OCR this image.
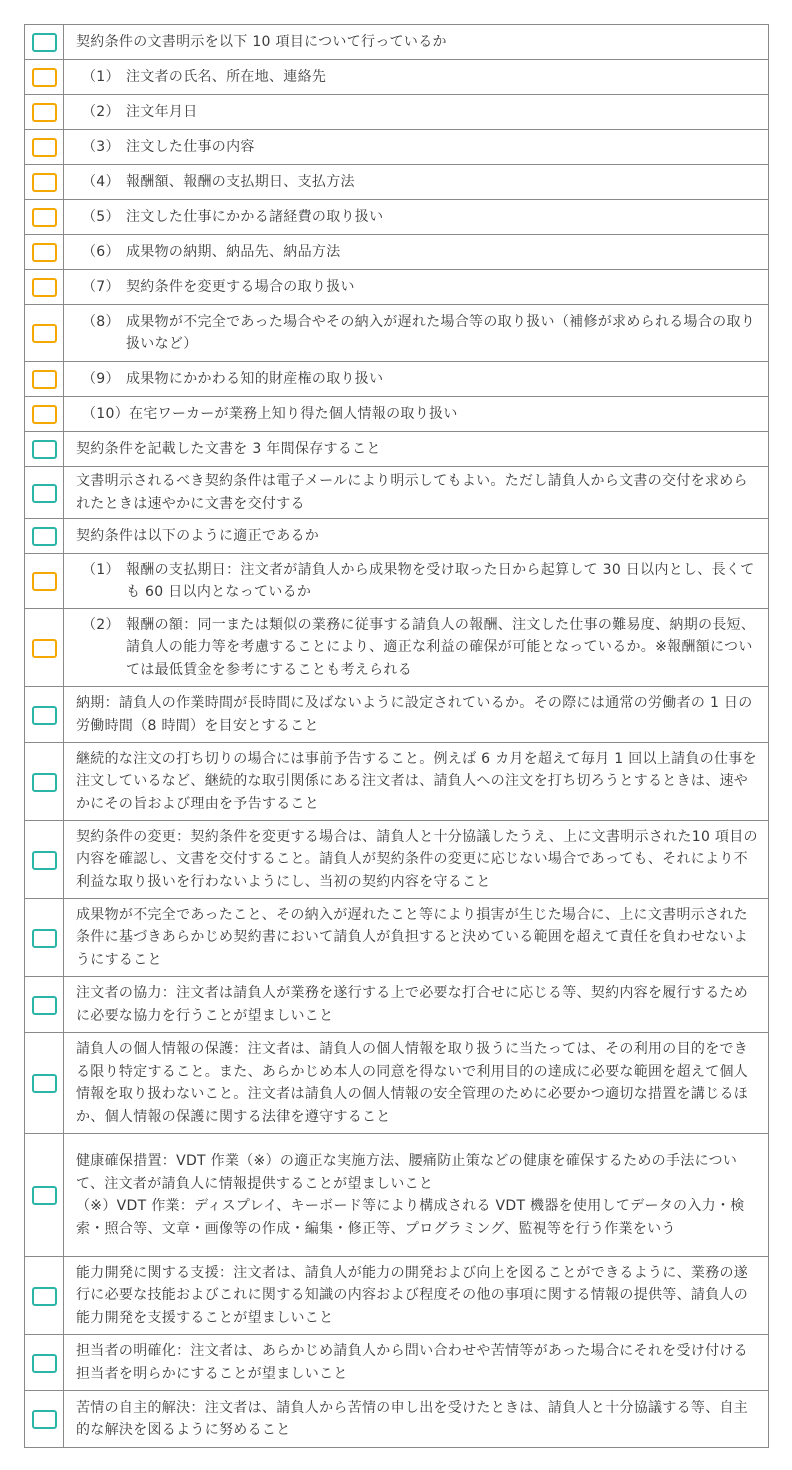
	契約条件の文書明示を以下 10 項目について行っているか

	（1） 注文者の氏名、所在地、連絡先

	（2） 注文年月日

	（3） 注文した仕事の内容

	（4） 報酬額、報酬の支払期日、支払方法

	（5） 注文した仕事にかかる諸経費の取り扱い

	（6） 成果物の納期、納品先、納品方法

	（7） 契約条件を変更する場合の取り扱い

	（8） 成果物が不完全であった場合やその納入が遅れた場合等の取り扱い（補修が求められる場合の取り扱いなど）

	（9） 成果物にかかわる知的財産権の取り扱い

	（10） 在宅ワーカーが業務上知り得た個人情報の取り扱い

	契約条件を記載した文書を 3 年間保存すること

	文書明示されるべき契約条件は電子メールにより明示してもよい。ただし請負人から文書の交付を求められたときは速やかに文書を交付する

	契約条件は以下のように適正であるか

	（1） 報酬の支払期日：注文者が請負人から成果物を受け取った日から起算して 30 日以内とし、長くても 60 日以内となっているか

	（2） 報酬の額：同一または類似の業務に従事する請負人の報酬、注文した仕事の難易度、納期の長短、請負人の能力等を考慮することにより、適正な利益の確保が可能となっているか。※報酬額については最低賃金を参考にすることも考えられる

	納期：請負人の作業時間が長時間に及ばないように設定されているか。その際には通常の労働者の 1 日の労働時間（8 時間）を目安とすること

	継続的な注文の打ち切りの場合には事前予告すること。例えば 6 カ月を超えて毎月 1 回以上請負の仕事を注文しているなど、継続的な取引関係にある注文者は、請負人への注文を打ち切ろうとするときは、速やかにその旨および理由を予告すること

	契約条件の変更：契約条件を変更する場合は、請負人と十分協議したうえ、上に文書明示された10 項目の内容を確認し、文書を交付すること。請負人が契約条件の変更に応じない場合であっても、それにより不利益な取り扱いを行わないようにし、当初の契約内容を守ること

	成果物が不完全であったこと、その納入が遅れたこと等により損害が生じた場合に、上に文書明示された条件に基づきあらかじめ契約書において請負人が負担すると決めている範囲を超えて責任を負わせないようにすること

	注文者の協力：注文者は請負人が業務を遂行する上で必要な打合せに応じる等、契約内容を履行するために必要な協力を行うことが望ましいこと

	請負人の個人情報の保護：注文者は、請負人の個人情報を取り扱うに当たっては、その利用の目的をできる限り特定すること。また、あらかじめ本人の同意を得ないで利用目的の達成に必要な範囲を超えて個人情報を取り扱わないこと。注文者は請負人の個人情報の安全管理のために必要かつ適切な措置を講じるほか、個人情報の保護に関する法律を遵守すること

	健康確保措置：VDT 作業（※）の適正な実施方法、腰痛防止策などの健康を確保するための手法について、注文者が請負人に情報提供することが望ましいこと
（※）VDT 作業：ディスプレイ、キーボード等により構成される VDT 機器を使用してデータの入力・検索・照合等、文章・画像等の作成・編集・修正等、プログラミング、監視等を行う作業をいう

	能力開発に関する支援：注文者は、請負人が能力の開発および向上を図ることができるように、業務の遂行に必要な技能およびこれに関する知識の内容および程度その他の事項に関する情報の提供等、請負人の能力開発を支援することが望ましいこと

	担当者の明確化：注文者は、あらかじめ請負人から問い合わせや苦情等があった場合にそれを受け付ける担当者を明らかにすることが望ましいこと

	苦情の自主的解決：注文者は、請負人から苦情の申し出を受けたときは、請負人と十分協議する等、自主的な解決を図るように努めること
